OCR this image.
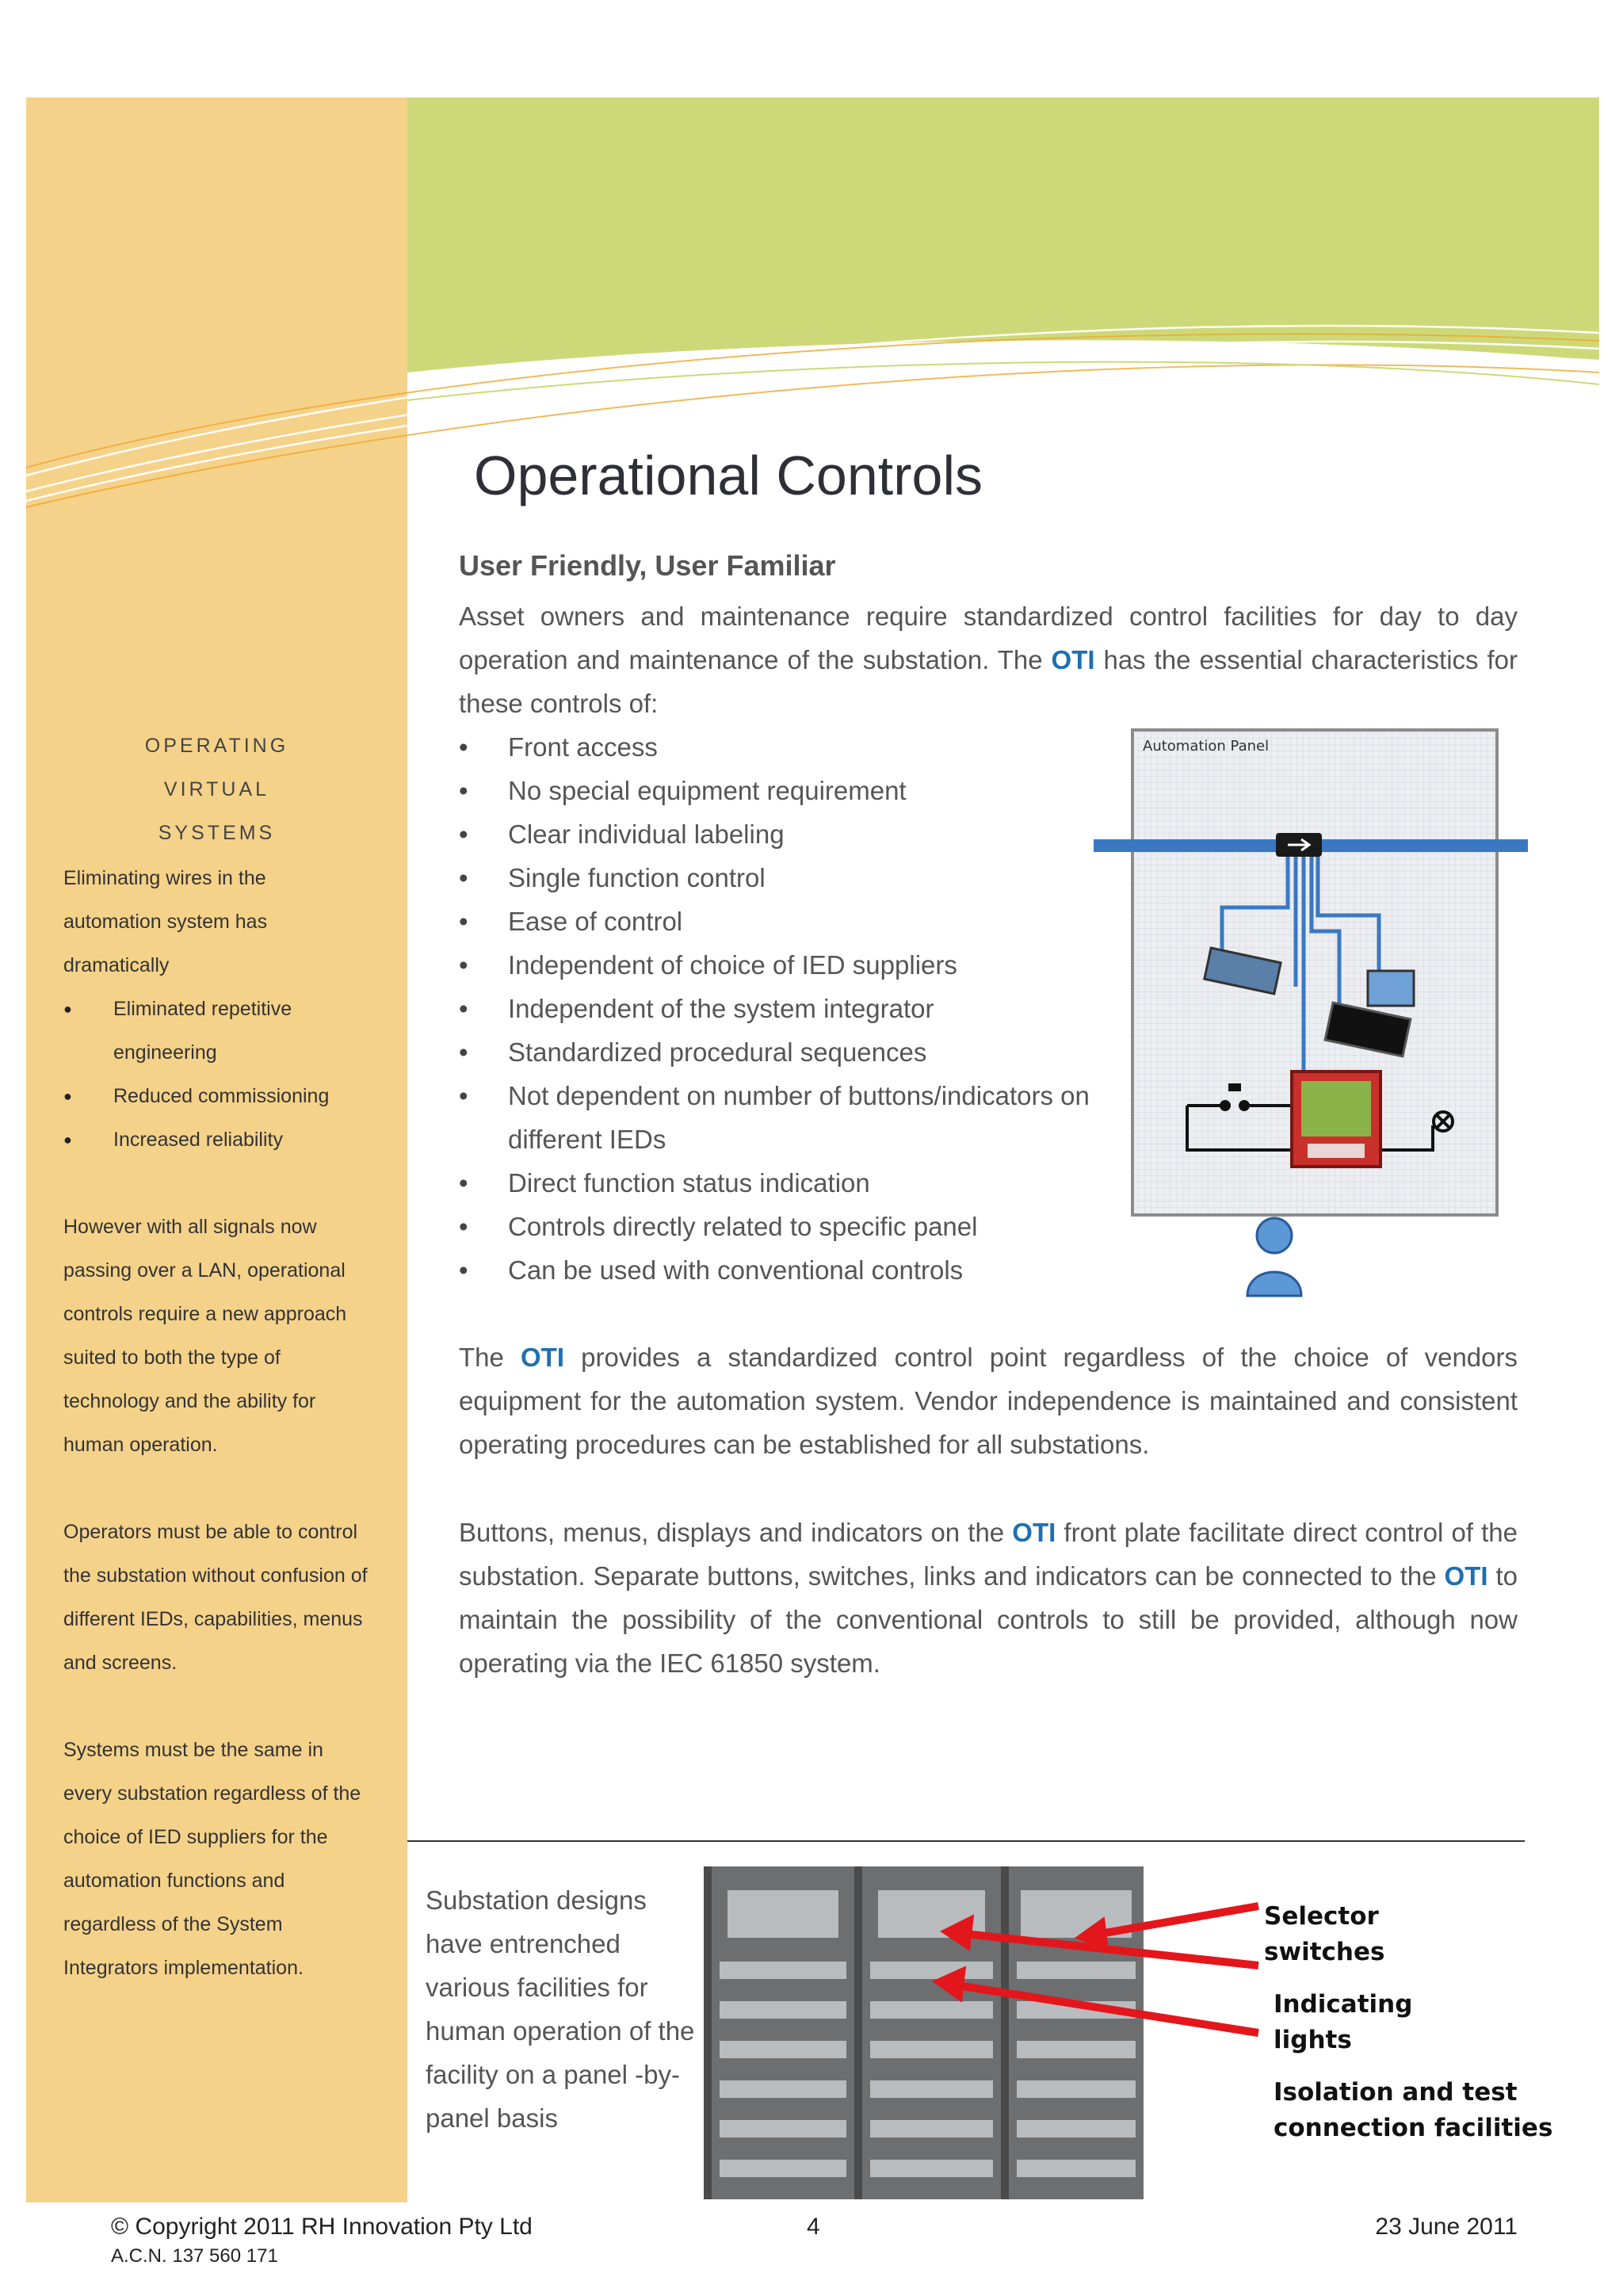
OPERATING
VIRTUAL
SYSTEMS

Eliminating wires in the automation system has dramatically

● Eliminated repetitive engineering
● Reduced commissioning
● Increased reliability

However with all signals now passing over a LAN, operational controls require a new approach suited to both the type of technology and the ability for human operation.

Operators must be able to control the substation without confusion of different IEDs, capabilities, menus and screens.

Systems must be the same in every substation regardless of the choice of IED suppliers for the automation functions and regardless of the System Integrators implementation.

Operational Controls
User Friendly, User Familiar

Asset owners and maintenance require standardized control facilities for day to day operation and maintenance of the substation. The OTI has the essential characteristics for these controls of:

• Front access
• No special equipment requirement
• Clear individual labeling
• Single function control
• Ease of control
• Independent of choice of IED suppliers
• Independent of the system integrator
• Standardized procedural sequences
• Not dependent on number of buttons/indicators on different IEDs
• Direct function status indication
• Controls directly related to specific panel
• Can be used with conventional controls
Automation Panel

The OTI provides a standardized control point regardless of the choice of vendors equipment for the automation system. Vendor independence is maintained and consistent operating procedures can be established for all substations.

Buttons, menus, displays and indicators on the OTI front plate facilitate direct control of the substation. Separate buttons, switches, links and indicators can be connected to the OTI to maintain the possibility of the conventional controls to still be provided, although now operating via the IEC 61850 system.

Substation designs have entrenched various facilities for human operation of the facility on a panel -by-panel basis
Selector
switches
Indicating
lights
Isolation and test
connection facilities
© Copyright 2011 RH Innovation Pty Ltd
A.C.N. 137 560 171
4	23 June 2011
